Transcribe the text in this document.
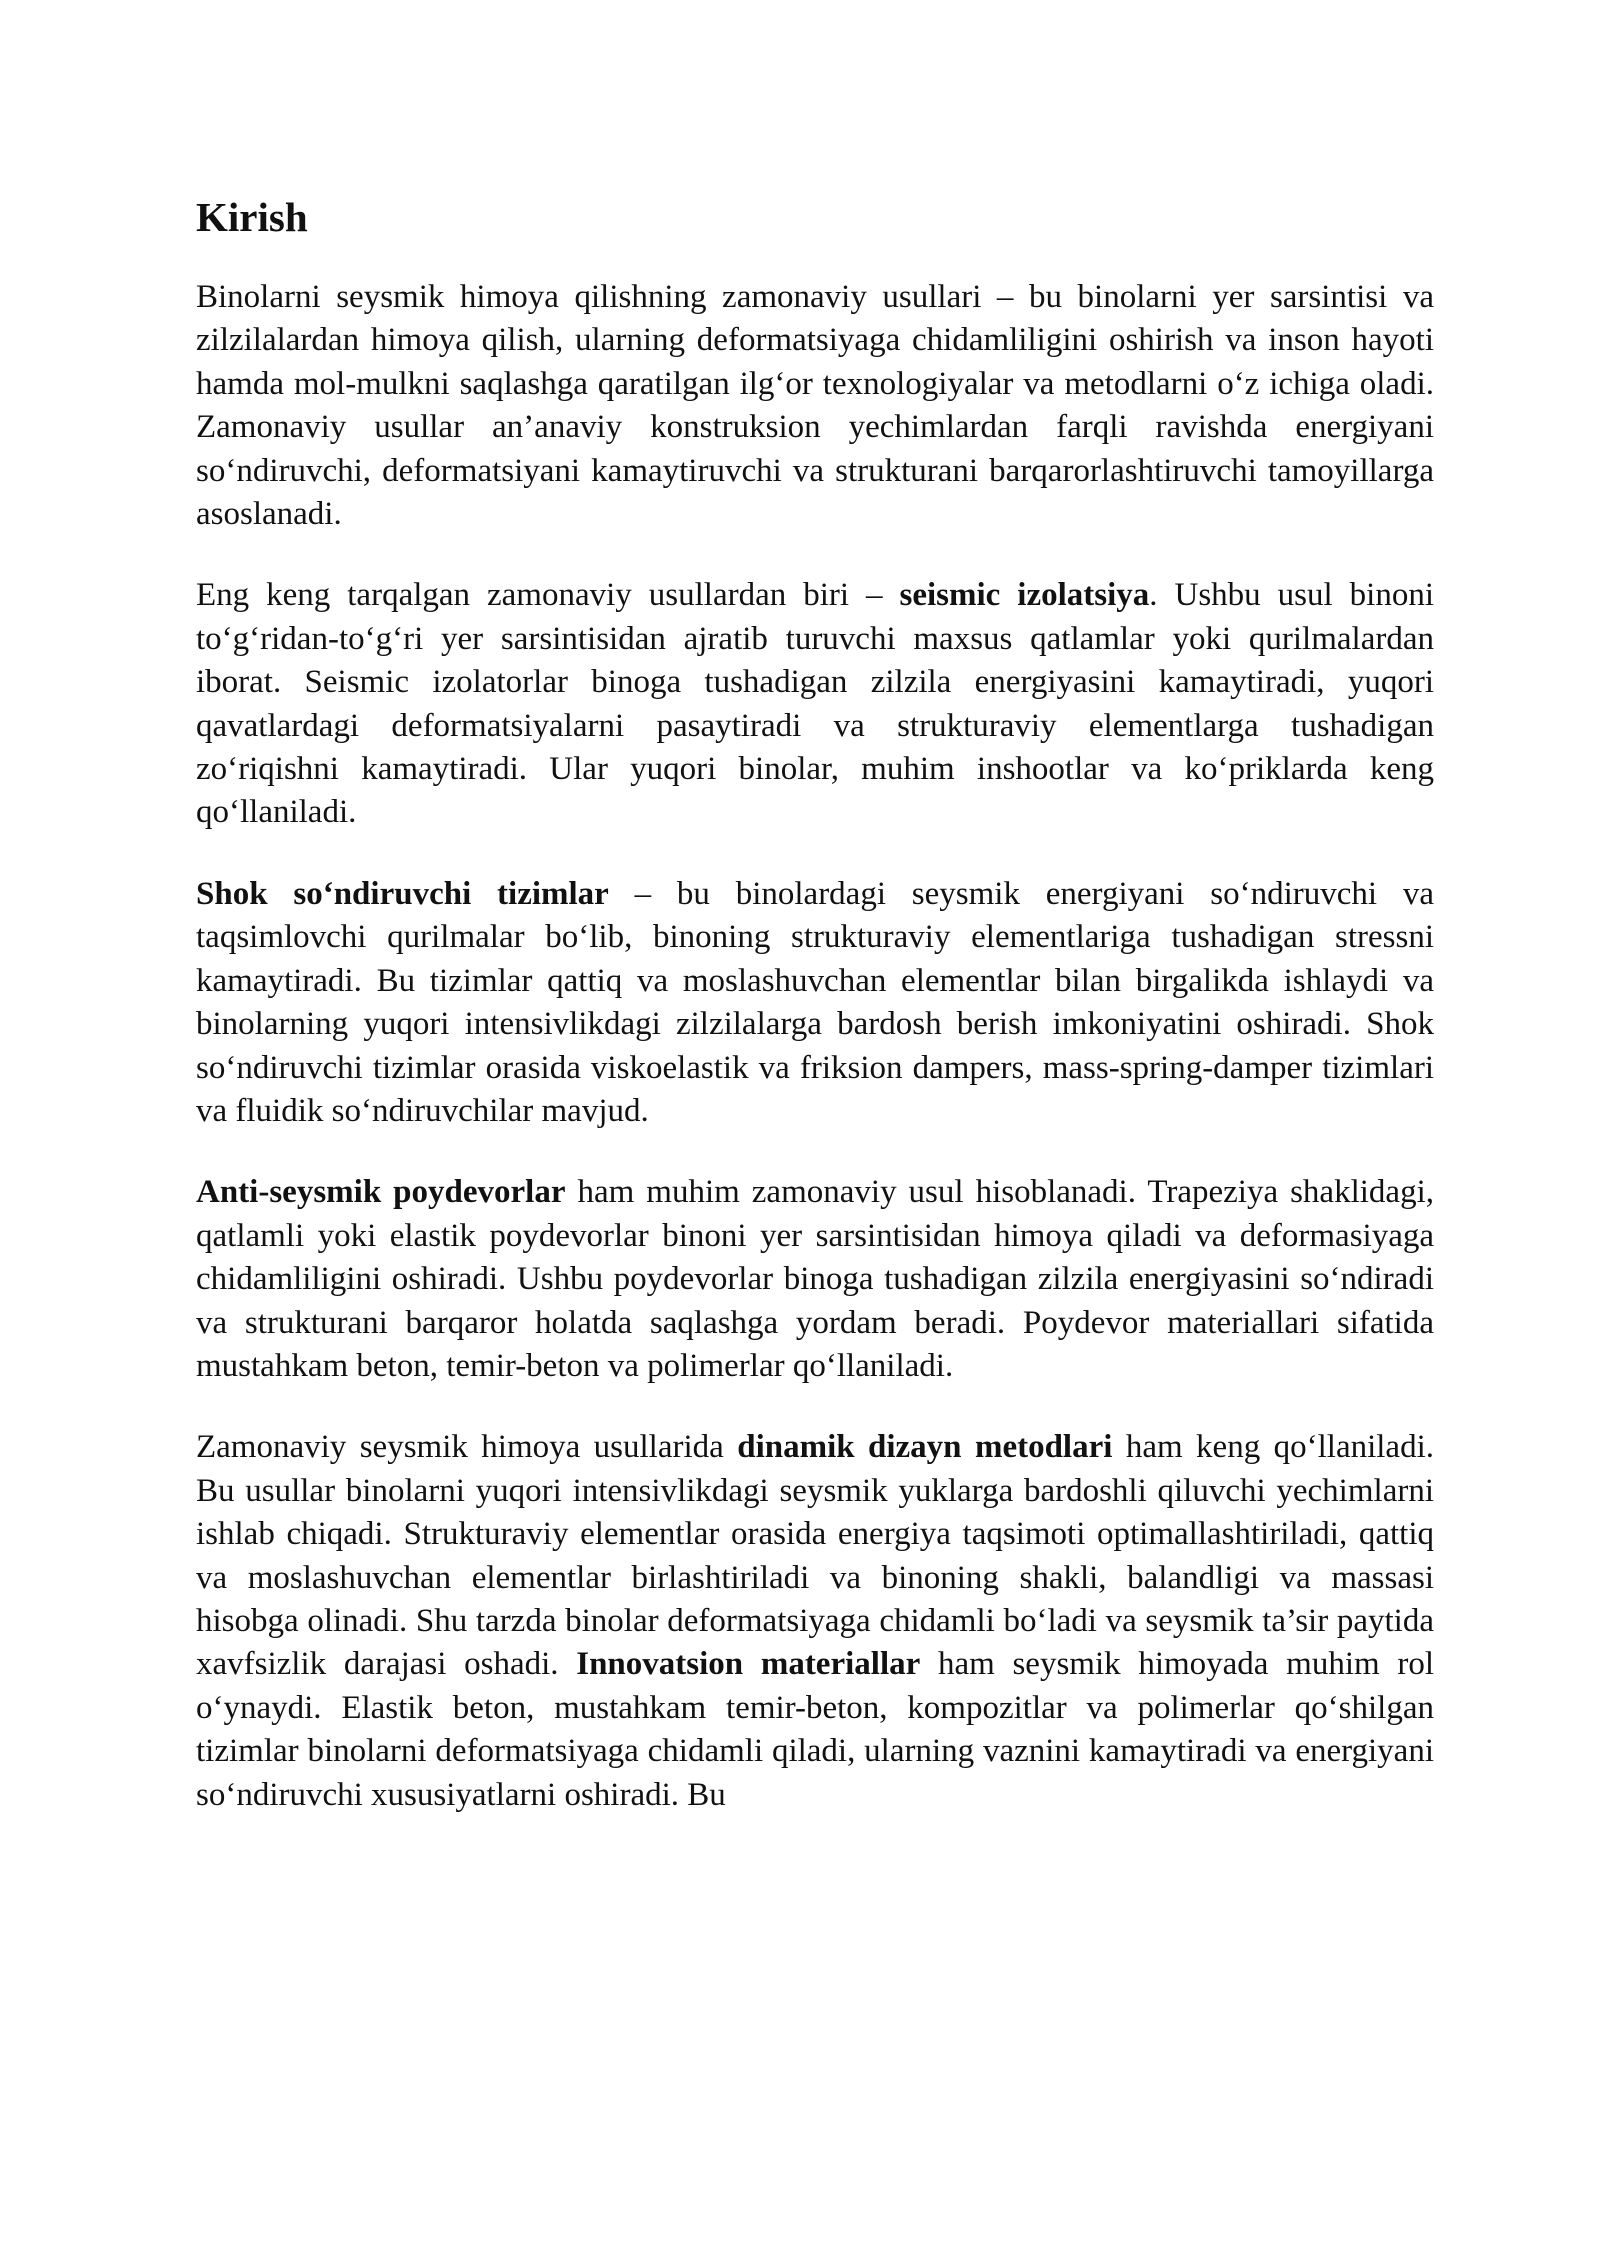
Kirish

Binolarni seysmik himoya qilishning zamonaviy usullari – bu binolarni yer sarsintisi va zilzilalardan himoya qilish, ularning deformatsiyaga chidamliligini oshirish va inson hayoti hamda mol-mulkni saqlashga qaratilgan ilg‘or texnologiyalar va metodlarni o‘z ichiga oladi. Zamonaviy usullar an’anaviy konstruksion yechimlardan farqli ravishda energiyani so‘ndiruvchi, deformatsiyani kamaytiruvchi va strukturani barqarorlashtiruvchi tamoyillarga asoslanadi.

Eng keng tarqalgan zamonaviy usullardan biri – seismic izolatsiya. Ushbu usul binoni to‘g‘ridan-to‘g‘ri yer sarsintisidan ajratib turuvchi maxsus qatlamlar yoki qurilmalardan iborat. Seismic izolatorlar binoga tushadigan zilzila energiyasini kamaytiradi, yuqori qavatlardagi deformatsiyalarni pasaytiradi va strukturaviy elementlarga tushadigan zo‘riqishni kamaytiradi. Ular yuqori binolar, muhim inshootlar va ko‘priklarda keng qo‘llaniladi.

Shok so‘ndiruvchi tizimlar – bu binolardagi seysmik energiyani so‘ndiruvchi va taqsimlovchi qurilmalar bo‘lib, binoning strukturaviy elementlariga tushadigan stressni kamaytiradi. Bu tizimlar qattiq va moslashuvchan elementlar bilan birgalikda ishlaydi va binolarning yuqori intensivlikdagi zilzilalarga bardosh berish imkoniyatini oshiradi. Shok so‘ndiruvchi tizimlar orasida viskoelastik va friksion dampers, mass-spring-damper tizimlari va fluidik so‘ndiruvchilar mavjud.

Anti-seysmik poydevorlar ham muhim zamonaviy usul hisoblanadi. Trapeziya shaklidagi, qatlamli yoki elastik poydevorlar binoni yer sarsintisidan himoya qiladi va deformasiyaga chidamliligini oshiradi. Ushbu poydevorlar binoga tushadigan zilzila energiyasini so‘ndiradi va strukturani barqaror holatda saqlashga yordam beradi. Poydevor materiallari sifatida mustahkam beton, temir-beton va polimerlar qo‘llaniladi.

Zamonaviy seysmik himoya usullarida dinamik dizayn metodlari ham keng qo‘llaniladi. Bu usullar binolarni yuqori intensivlikdagi seysmik yuklarga bardoshli qiluvchi yechimlarni ishlab chiqadi. Strukturaviy elementlar orasida energiya taqsimoti optimallashtiriladi, qattiq va moslashuvchan elementlar birlashtiriladi va binoning shakli, balandligi va massasi hisobga olinadi. Shu tarzda binolar deformatsiyaga chidamli bo‘ladi va seysmik ta’sir paytida xavfsizlik darajasi oshadi. Innovatsion materiallar ham seysmik himoyada muhim rol o‘ynaydi. Elastik beton, mustahkam temir-beton, kompozitlar va polimerlar qo‘shilgan tizimlar binolarni deformatsiyaga chidamli qiladi, ularning vaznini kamaytiradi va energiyani so‘ndiruvchi xususiyatlarni oshiradi. Bu
